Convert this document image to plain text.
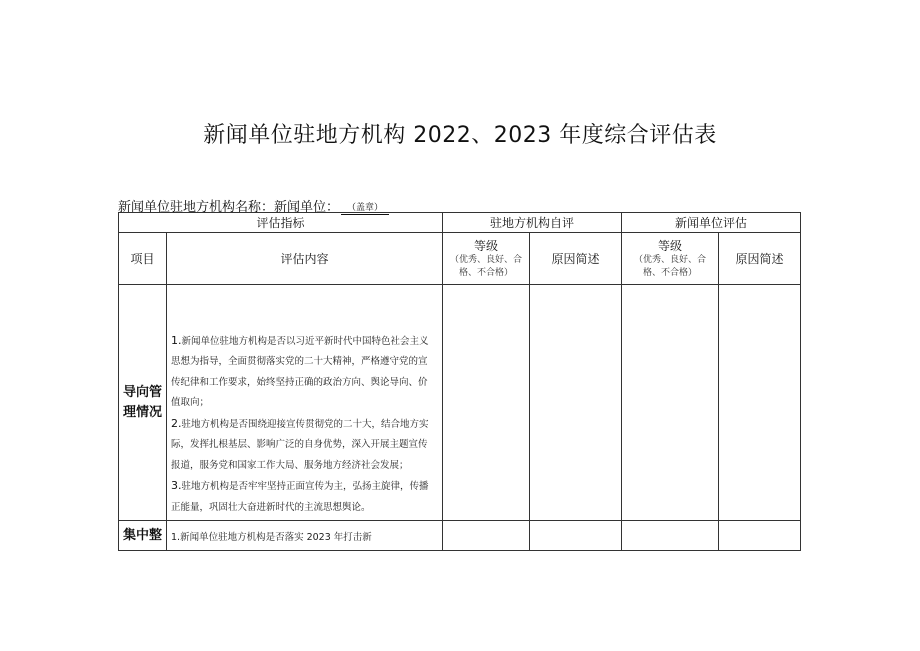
新闻单位驻地方机构 2022、2023 年度综合评估表
新闻单位驻地方机构名称：新闻单位： （盖章）
评估指标		驻地方机构自评		新闻单位评估	
项目	评估内容	等级
（优秀、良好、合
格、不合格）	原因简述	等级
（优秀、良好、合
格、不合格）	原因简述
导向管理情况	1.新闻单位驻地方机构是否以习近平新时代中国特色社会主义思想为指导，全面贯彻落实党的二十大精神，严格遵守党的宣传纪律和工作要求，始终坚持正确的政治方向、舆论导向、价值取向；
2.驻地方机构是否围绕迎接宣传贯彻党的二十大，结合地方实际，发挥扎根基层、影响广泛的自身优势，深入开展主题宣传报道，服务党和国家工作大局、服务地方经济社会发展；
3.驻地方机构是否牢牢坚持正面宣传为主，弘扬主旋律，传播正能量，巩固壮大奋进新时代的主流思想舆论。				
集中整	1.新闻单位驻地方机构是否落实 2023 年打击新				
